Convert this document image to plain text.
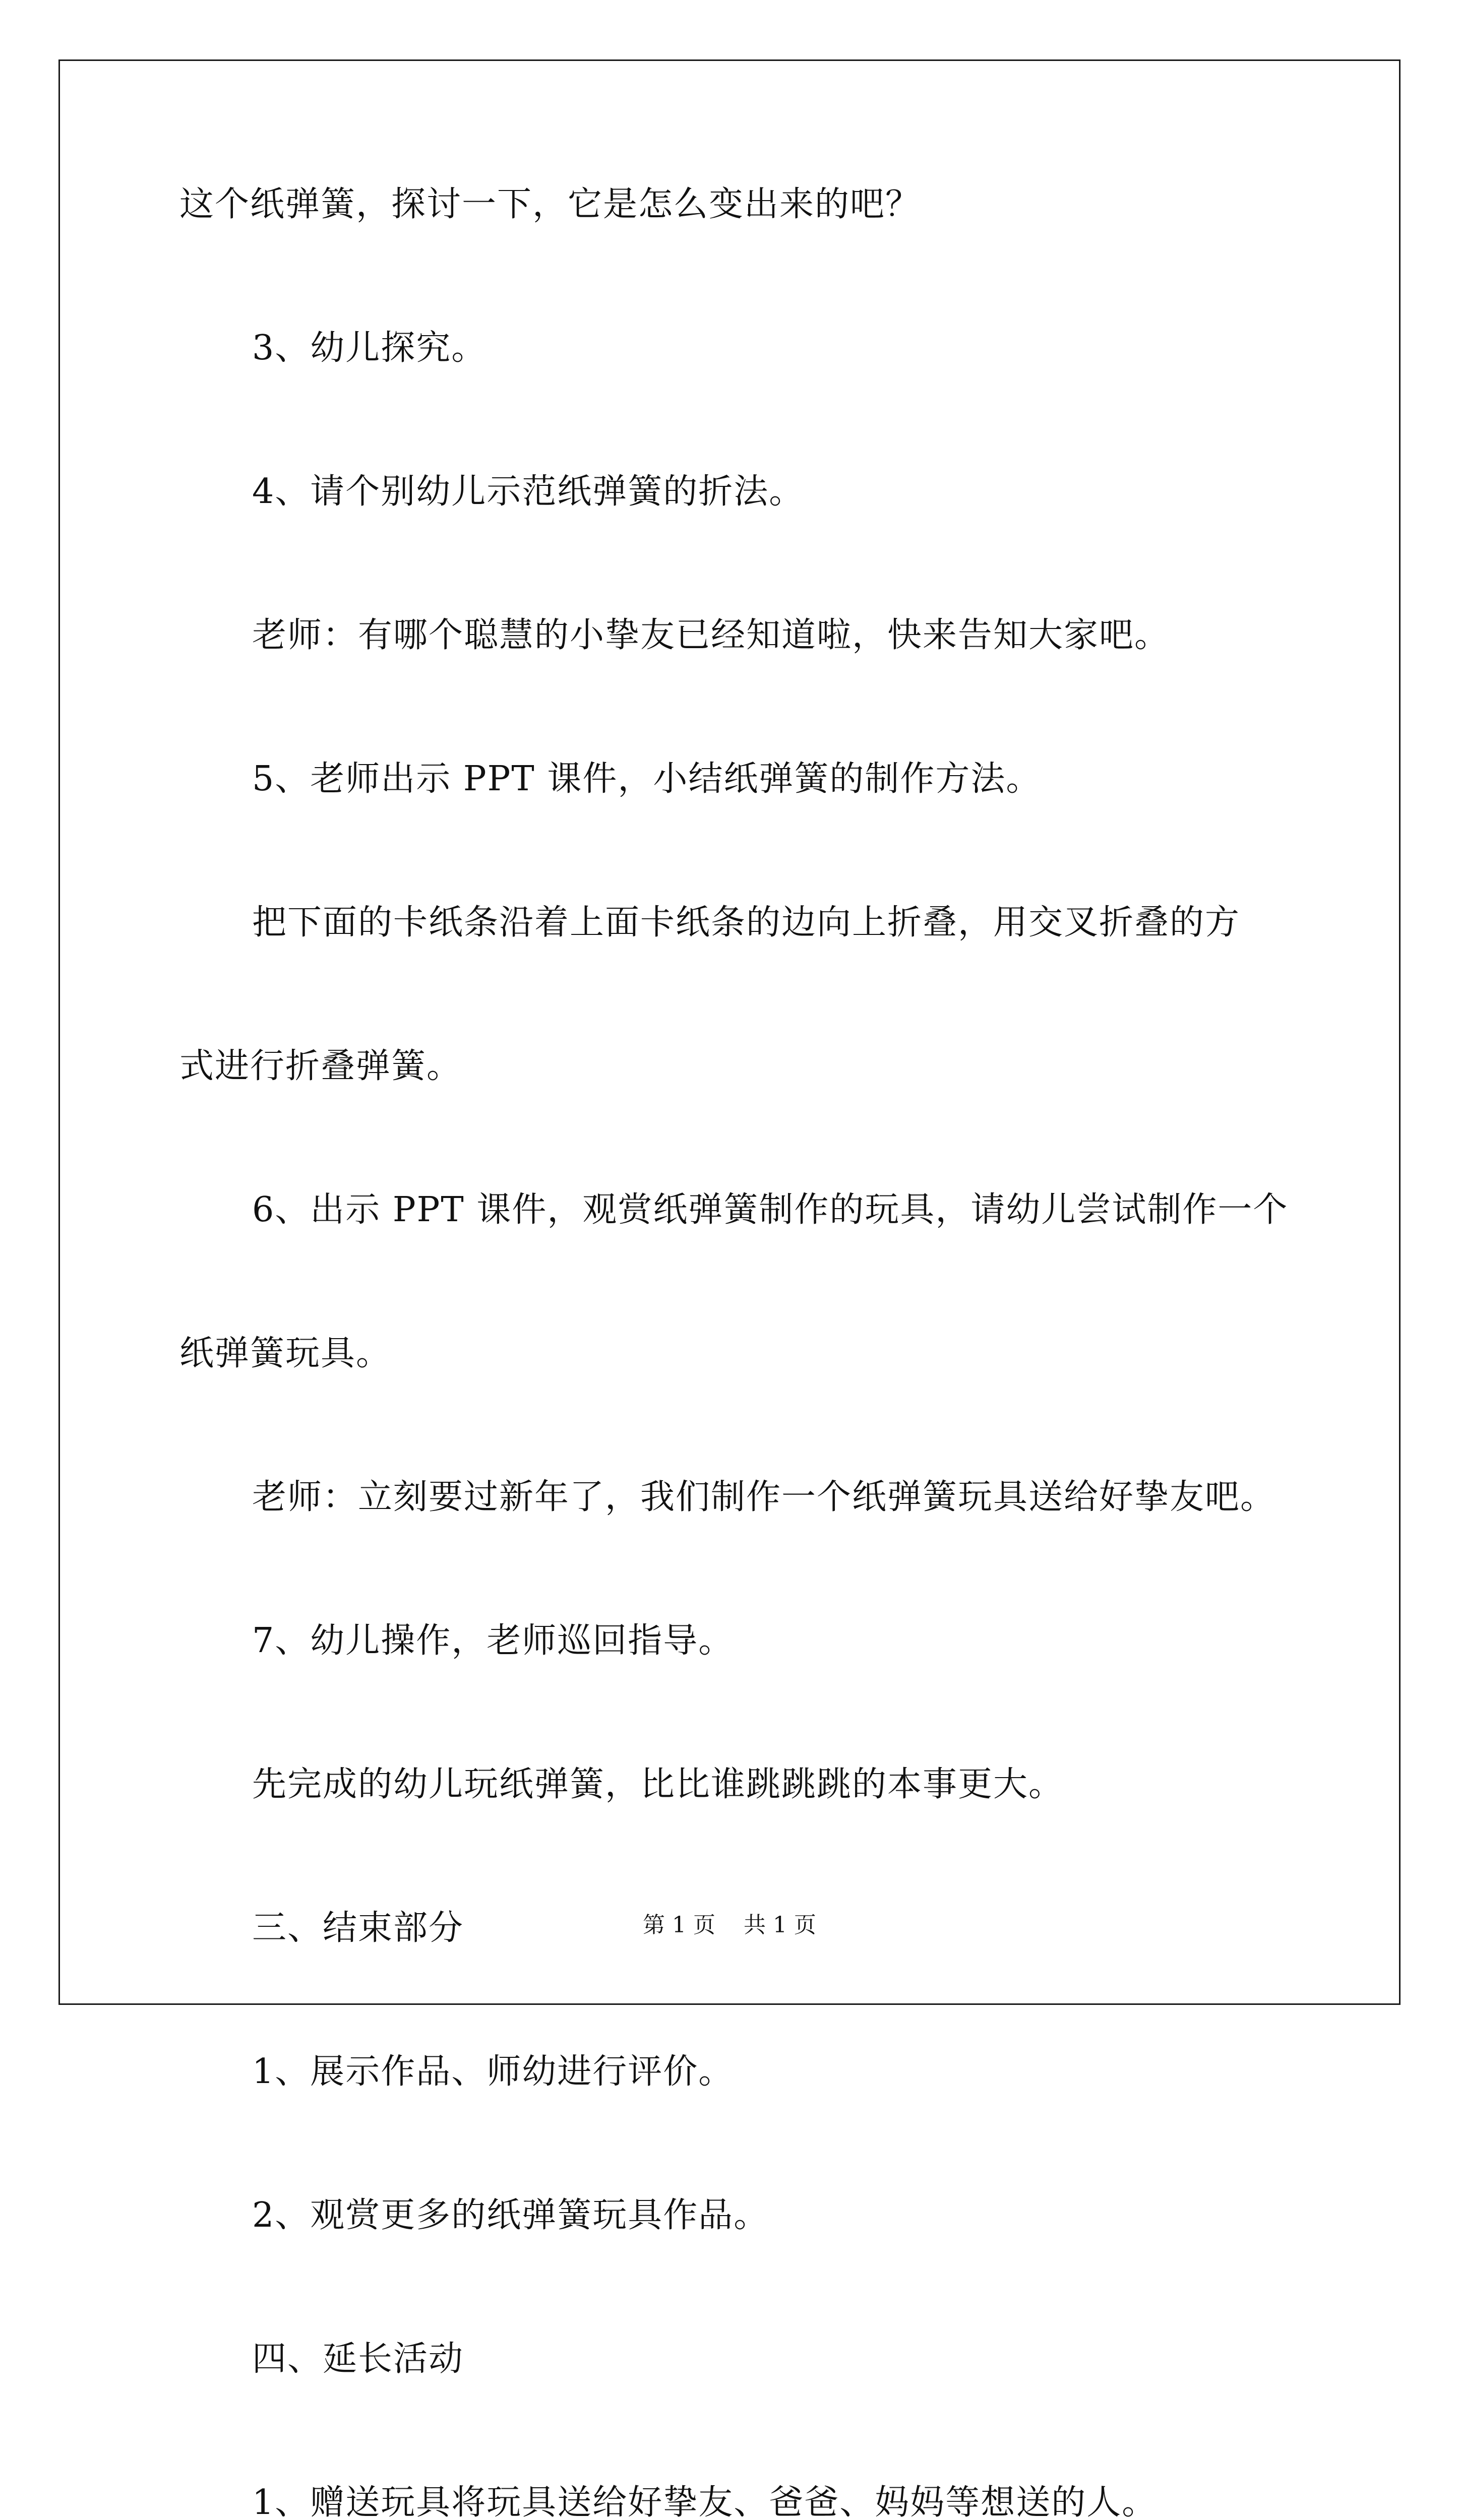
这个纸弹簧，探讨一下，它是怎么变出来的吧？
3、幼儿探究。
4、请个别幼儿示范纸弹簧的折法。
老师：有哪个聪慧的小挚友已经知道啦，快来告知大家吧。
5、老师出示 PPT 课件，小结纸弹簧的制作方法。
把下面的卡纸条沿着上面卡纸条的边向上折叠，用交叉折叠的方
式进行折叠弹簧。
6、出示 PPT 课件，观赏纸弹簧制作的玩具，请幼儿尝试制作一个
纸弹簧玩具。
老师：立刻要过新年了，我们制作一个纸弹簧玩具送给好挚友吧。
7、幼儿操作，老师巡回指导。
先完成的幼儿玩纸弹簧，比比谁跳跳跳的本事更大。
三、结束部分
1、展示作品、师幼进行评价。
2、观赏更多的纸弹簧玩具作品。
四、延长活动
1、赠送玩具将玩具送给好挚友、爸爸、妈妈等想送的人。
第 1 页    共 1 页
